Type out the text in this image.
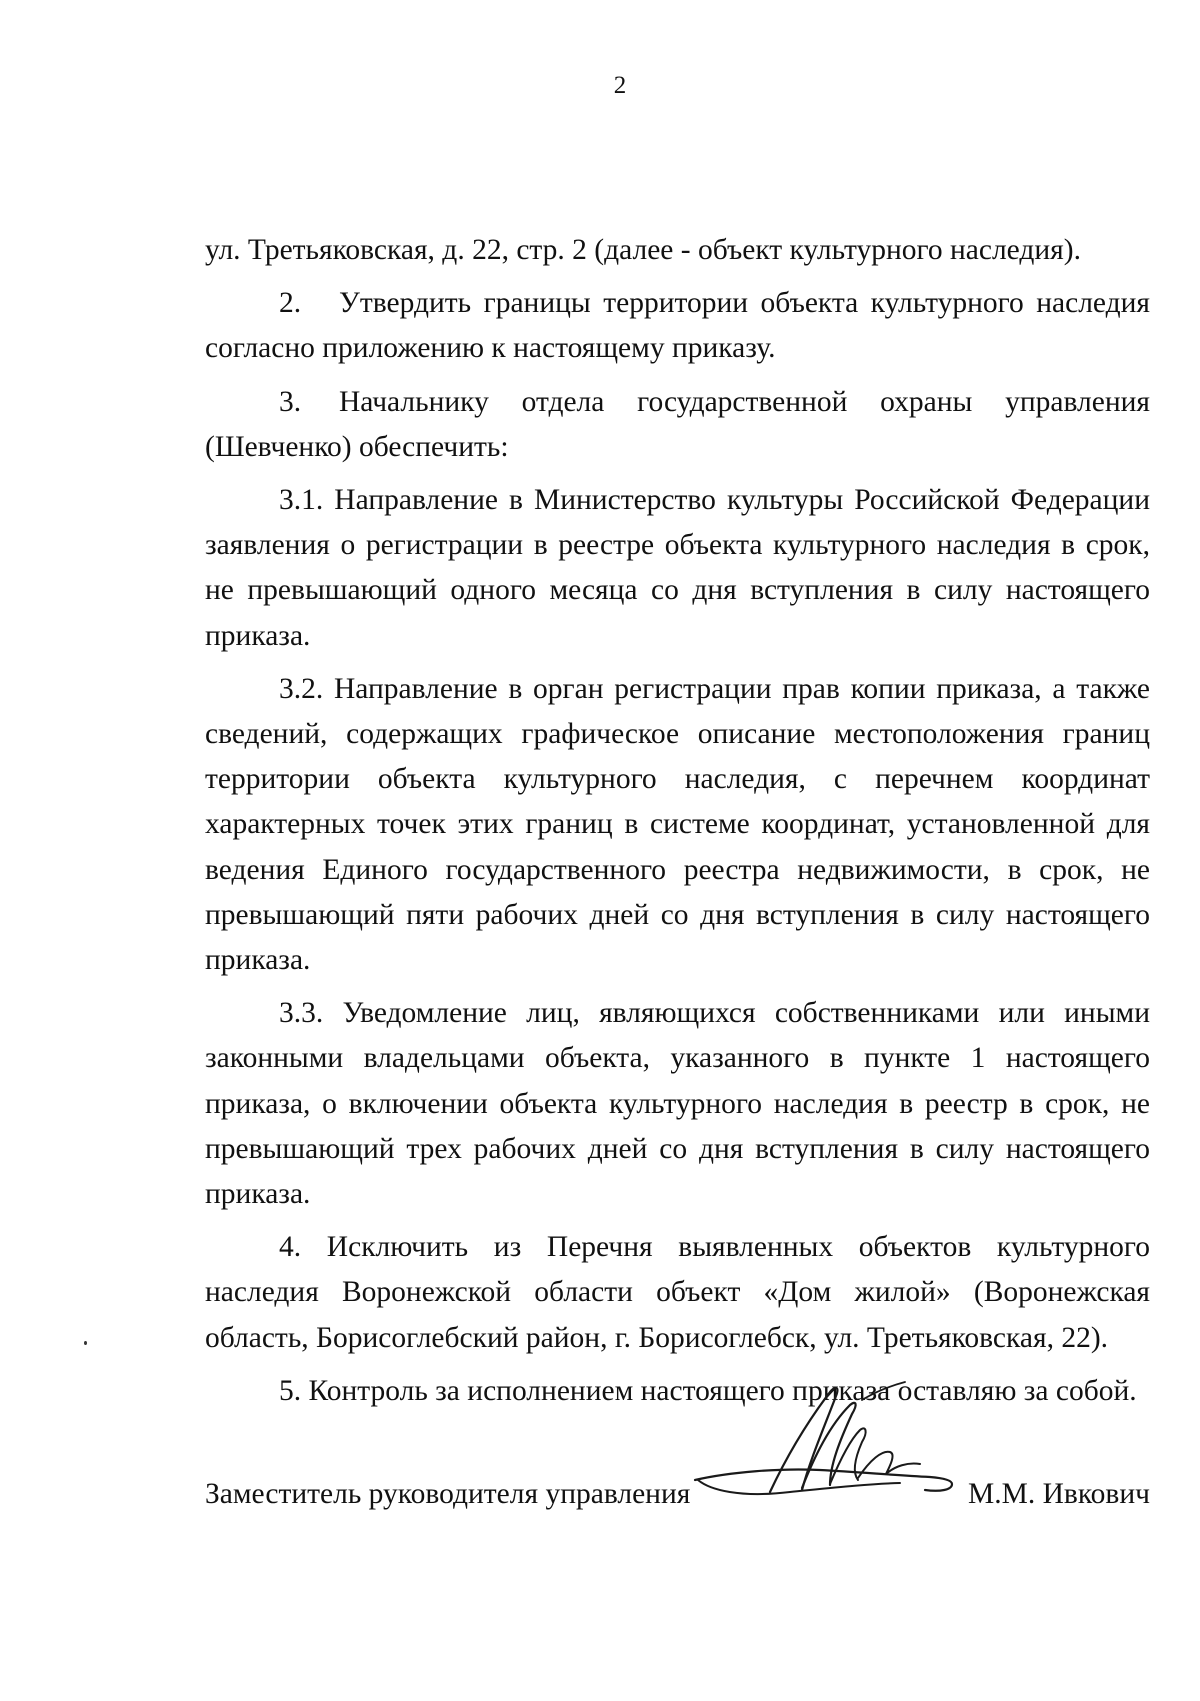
2

ул. Третьяковская, д. 22, стр. 2 (далее - объект культурного наследия).

2. Утвердить границы территории объекта культурного наследия согласно приложению к настоящему приказу.

3. Начальнику отдела государственной охраны управления (Шевченко) обеспечить:

3.1. Направление в Министерство культуры Российской Федерации заявления о регистрации в реестре объекта культурного наследия в срок, не превышающий одного месяца со дня вступления в силу настоящего приказа.

3.2. Направление в орган регистрации прав копии приказа, а также сведений, содержащих графическое описание местоположения границ территории объекта культурного наследия, с перечнем координат характерных точек этих границ в системе координат, установленной для ведения Единого государственного реестра недвижимости, в срок, не превышающий пяти рабочих дней со дня вступления в силу настоящего приказа.

3.3. Уведомление лиц, являющихся собственниками или иными законными владельцами объекта, указанного в пункте 1 настоящего приказа, о включении объекта культурного наследия в реестр в срок, не превышающий трех рабочих дней со дня вступления в силу настоящего приказа.

4. Исключить из Перечня выявленных объектов культурного наследия Воронежской области объект «Дом жилой» (Воронежская область, Борисоглебский район, г. Борисоглебск, ул. Третьяковская, 22).

5. Контроль за исполнением настоящего приказа оставляю за собой.

Заместитель руководителя управления	М.М. Ивкович
